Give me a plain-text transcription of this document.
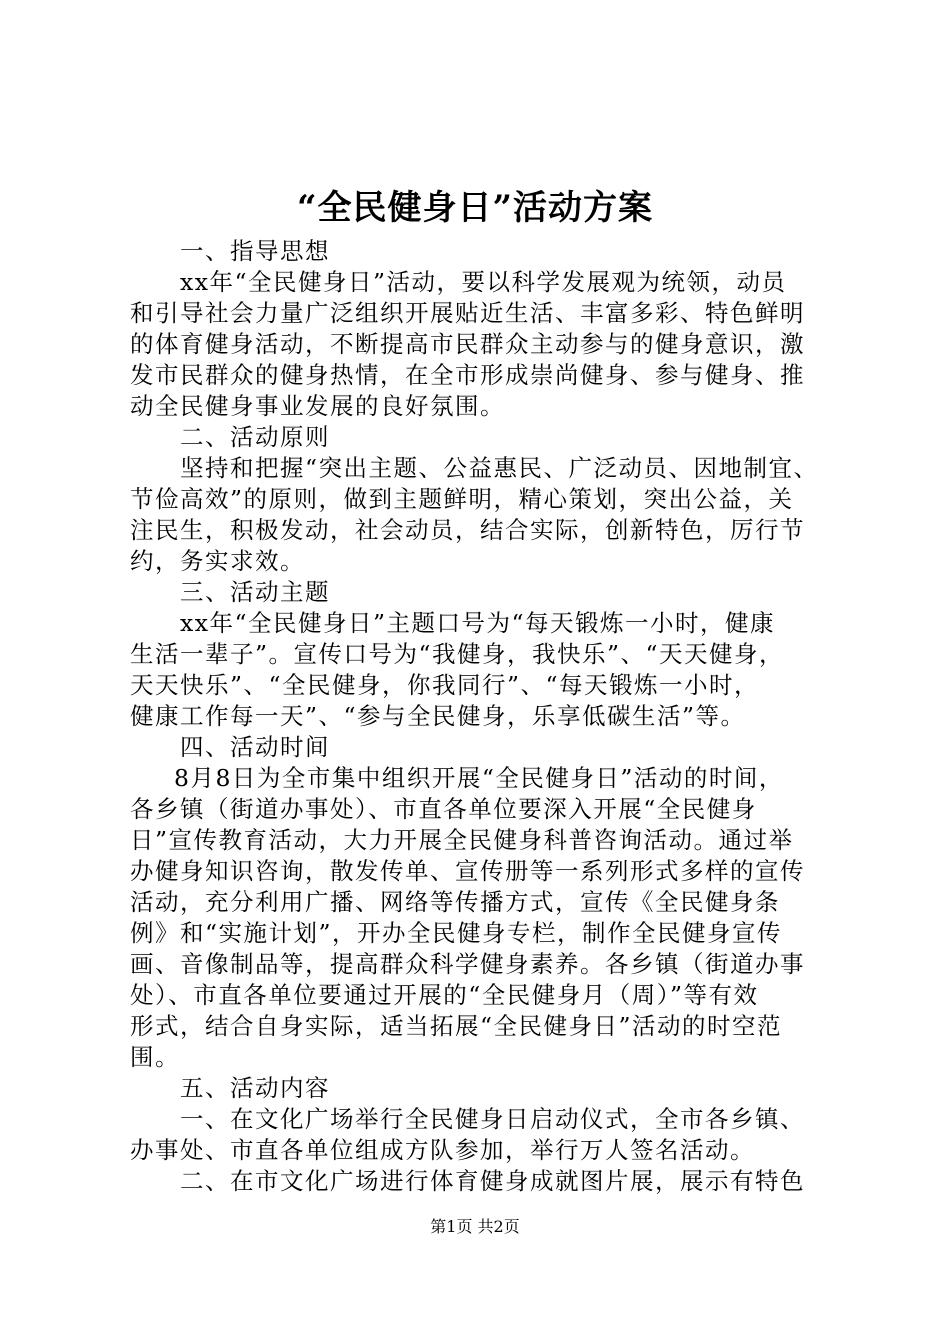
“全民健身日”活动方案
一、指导思想
xx年“全民健身日”活动，要以科学发展观为统领，动员
和引导社会力量广泛组织开展贴近生活、丰富多彩、特色鲜明
的体育健身活动，不断提高市民群众主动参与的健身意识，激
发市民群众的健身热情，在全市形成崇尚健身、参与健身、推
动全民健身事业发展的良好氛围。
二、活动原则
坚持和把握“突出主题、公益惠民、广泛动员、因地制宜、
节俭高效”的原则，做到主题鲜明，精心策划，突出公益，关
注民生，积极发动，社会动员，结合实际，创新特色，厉行节
约，务实求效。
三、活动主题
xx年“全民健身日”主题口号为“每天锻炼一小时，健康
生活一辈子”。宣传口号为“我健身，我快乐”、“天天健身，
天天快乐”、“全民健身，你我同行”、“每天锻炼一小时，
健康工作每一天”、“参与全民健身，乐享低碳生活”等。
四、活动时间
8月8日为全市集中组织开展“全民健身日”活动的时间，
各乡镇（街道办事处）、市直各单位要深入开展“全民健身
日”宣传教育活动，大力开展全民健身科普咨询活动。通过举
办健身知识咨询，散发传单、宣传册等一系列形式多样的宣传
活动，充分利用广播、网络等传播方式，宣传《全民健身条
例》和“实施计划”，开办全民健身专栏，制作全民健身宣传
画、音像制品等，提高群众科学健身素养。各乡镇（街道办事
处）、市直各单位要通过开展的“全民健身月（周）”等有效
形式，结合自身实际，适当拓展“全民健身日”活动的时空范
围。
五、活动内容
一、在文化广场举行全民健身日启动仪式，全市各乡镇、
办事处、市直各单位组成方队参加，举行万人签名活动。
二、在市文化广场进行体育健身成就图片展，展示有特色
第1页 共2页
